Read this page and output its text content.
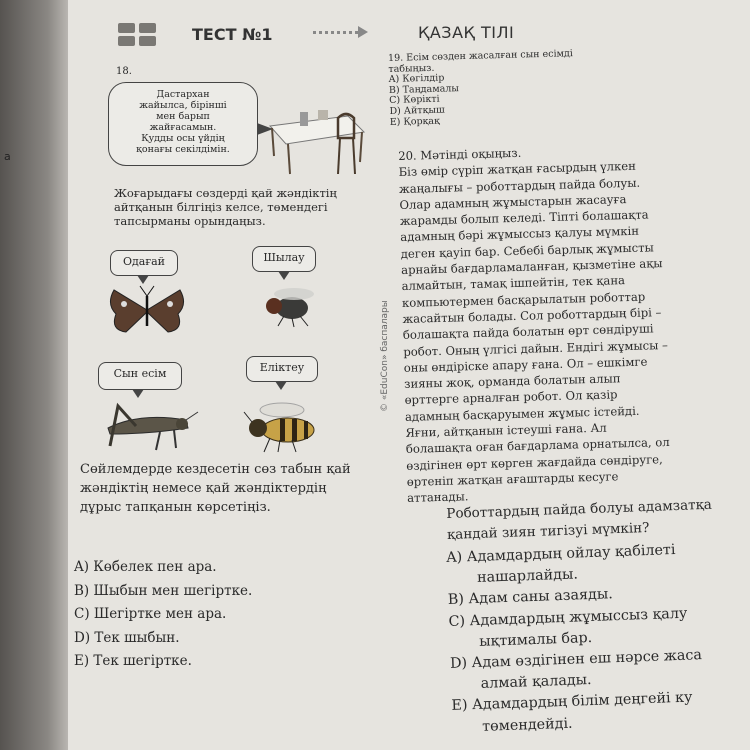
a
ТЕСТ №1	ҚАЗАҚ ТІЛІ
18.
Дастархан
жайылса, бірінші
мен барып
жайғасамын.
Қудды осы үйдің
қонағы секілдімін.
Жоғарыдағы сөздерді қай жәндіктің
айтқанын білгіңіз келсе, төмендегі
тапсырманы орындаңыз.
Одағай	Шылау
Сын есім	Еліктеу
Сөйлемдерде кездесетін сөз табын қай
жәндіктің немесе қай жәндіктердің
дұрыс тапқанын көрсетіңіз.
A) Көбелек пен ара.
B) Шыбын мен шегіртке.
C) Шегіртке мен ара.
D) Тек шыбын.
E) Тек шегіртке.
19. Есім сөзден жасалған сын есімді
табыңыз.
A) Көгілдір
B) Таңдамалы
C) Көрікті
D) Айтқыш
E) Қорқақ
20. Мәтінді оқыңыз.
Біз өмір сүріп жатқан ғасырдың үлкен
жаңалығы – роботтардың пайда болуы.
Олар адамның жұмыстарын жасауға
жарамды болып келеді. Тіпті болашақта
адамның бәрі жұмыссыз қалуы мүмкін
деген қауіп бар. Себебі барлық жұмысты
арнайы бағдарламаланған, қызметіне ақы
алмайтын, тамақ ішпейтін, тек қана
компьютермен басқарылатын роботтар
жасайтын болады. Сол роботтардың бірі –
болашақта пайда болатын өрт сөндіруші
робот. Оның үлгісі дайын. Ендігі жұмысы –
оны өндіріске апару ғана. Ол – ешкімге
зияны жоқ, орманда болатын алып
өрттерге арналған робот. Ол қазір
адамның басқаруымен жұмыс істейді.
Яғни, айтқанын істеуші ғана. Ал
болашақта оған бағдарлама орнатылса, ол
өздігінен өрт көрген жағдайда сөндіруге,
өртеніп жатқан ағаштарды кесуге
аттанады.
© «EduCon» баспалары
Роботтардың пайда болуы адамзатқа
қандай зиян тигізуі мүмкін?
A) Адамдардың ойлау қабілеті
нашарлайды.
B) Адам саны азаяды.
C) Адамдардың жұмыссыз қалу
ықтималы бар.
D) Адам өздігінен еш нәрсе жаса
алмай қалады.
E) Адамдардың білім деңгейі ку
төмендейді.
